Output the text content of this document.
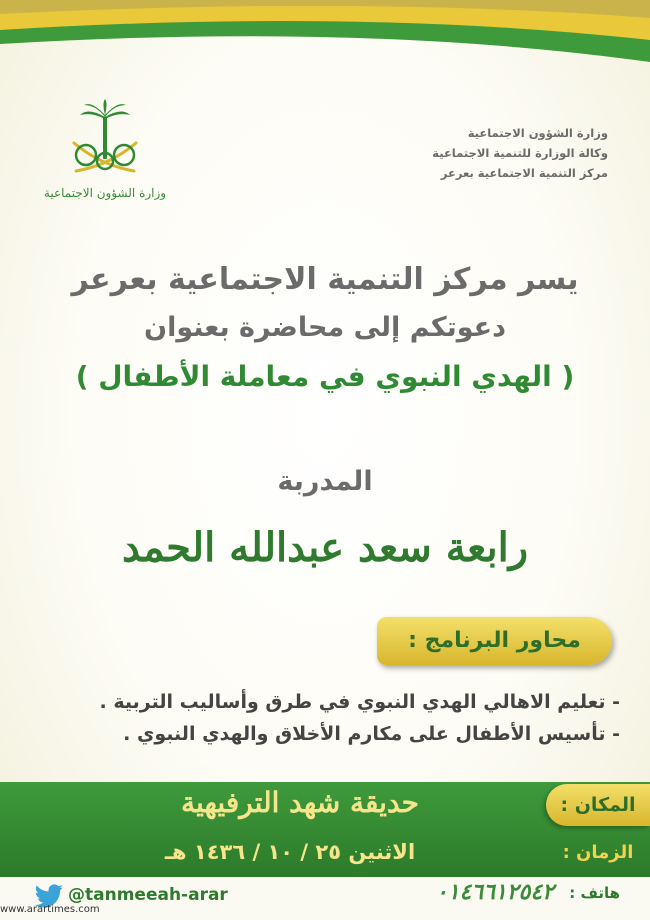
وزارة الشؤون الاجتماعية
وكالة الوزارة للتنمية الاجتماعية
مركز التنمية الاجتماعية بعرعر
وزارة الشؤون الاجتماعية
يسر مركز التنمية الاجتماعية بعرعر
دعوتكم إلى محاضرة بعنوان
( الهدي النبوي في معاملة الأطفال )
المدربة
رابعة سعد عبدالله الحمد
محاور البرنامج :
- تعليم الاهالي الهدي النبوي في طرق وأساليب التربية .
- تأسيس الأطفال على مكارم الأخلاق والهدي النبوي .
المكان :
حديقة شهد الترفيهية
الزمان :
الاثنين ٢٥ / ١٠ / ١٤٣٦ هـ
@tanmeeah-arar	٠١٤٦٦١٢٥٤٢ هاتف :
www.arartimes.com
